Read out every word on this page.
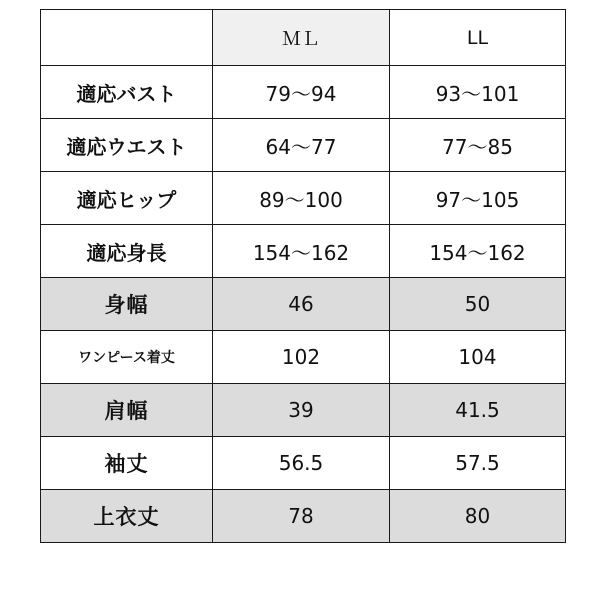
	ＭＬ	LL
適応バスト	79～94	93～101
適応ウエスト	64～77	77～85
適応ヒップ	89～100	97～105
適応身長	154～162	154～162
身幅	46	50
ワンピース着丈	102	104
肩幅	39	41.5
袖丈	56.5	57.5
上衣丈	78	80
